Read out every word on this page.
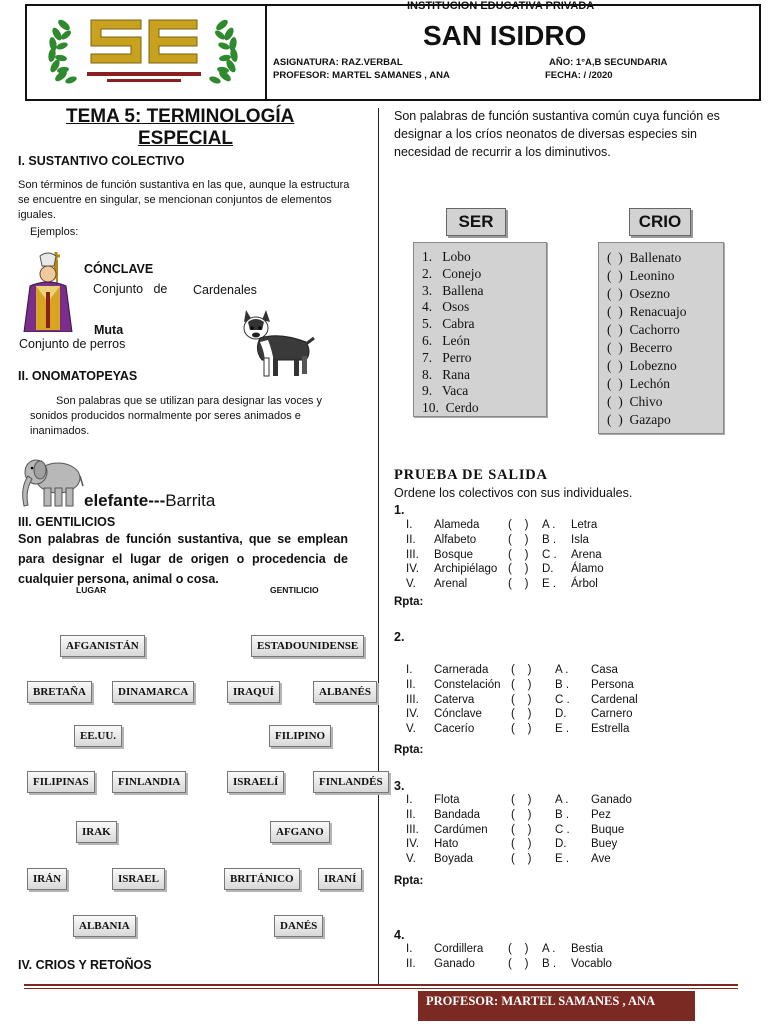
INSTITUCION EDUCATIVA PRIVADA
SAN ISIDRO
ASIGNATURA: RAZ.VERBAL
PROFESOR: MARTEL SAMANES , ANA
AÑO: 1°A,B SECUNDARIA
FECHA: / /2020
TEMA 5: TERMINOLOGÍA
ESPECIAL
I. SUSTANTIVO COLECTIVO
Son términos de función sustantiva en las que, aunque la estructura se encuentre en singular, se mencionan conjuntos de elementos iguales.
Ejemplos:
CÓNCLAVE
Conjunto   de Cardenales
Muta
Conjunto de perros
II. ONOMATOPEYAS
Son palabras que se utilizan para designar las voces y sonidos producidos normalmente por seres animados e inanimados.
elefante---Barrita
III. GENTILICIOS
Son palabras de función sustantiva, que se emplean para designar el lugar de origen o procedencia de cualquier persona, animal o cosa.
LUGAR	GENTILICIO
AFGANISTÁN
BRETAÑA	DINAMARCA
EE.UU.
FILIPINAS	FINLANDIA
IRAK
IRÁN	ISRAEL
ALBANIA
ESTADOUNIDENSE
IRAQUÍ	ALBANÉS
FILIPINO
ISRAELÍ	FINLANDÉS
AFGANO
BRITÁNICO	IRANÍ
DANÉS
IV. CRIOS Y RETOÑOS
Son palabras de función sustantiva común cuya función es designar a los críos neonatos de diversas especies sin necesidad de recurrir a los diminutivos.
SER	CRIO
1.   Lobo
2.   Conejo
3.   Ballena
4.   Osos
5.   Cabra
6.   León
7.   Perro
8.   Rana
9.   Vaca
10.  Cerdo
(  )  Ballenato
(  )  Leonino
(  )  Osezno
(  )  Renacuajo
(  )  Cachorro
(  )  Becerro
(  )  Lobezno
(  )  Lechón
(  )  Chivo
(  )  Gazapo
PRUEBA DE SALIDA
Ordene los colectivos con sus individuales.
1.
I. Alameda (    ) A . Letra
II. Alfabeto	(    ) B . Isla
III. Bosque	(    ) C . Arena
IV. Archipiélago (    ) D. Álamo
V. Arenal	(    ) E . Árbol
Rpta:
2.
I. Carnerada (    ) A . Casa
II. Constelación (    ) B . Persona
III. Caterva	(    ) C . Cardenal
IV. Cónclave	(    ) D. Carnero
V. Cacerío	(    ) E . Estrella
Rpta:
3.
I. Flota	(    ) A . Ganado
II. Bandada	(    ) B . Pez
III. Cardúmen (    ) C . Buque
IV. Hato	(    ) D. Buey
V. Boyada	(    ) E . Ave
Rpta:
4.
I. Cordillera (    ) A . Bestia
II. Ganado	(    ) B . Vocablo
PROFESOR: MARTEL SAMANES , ANA
